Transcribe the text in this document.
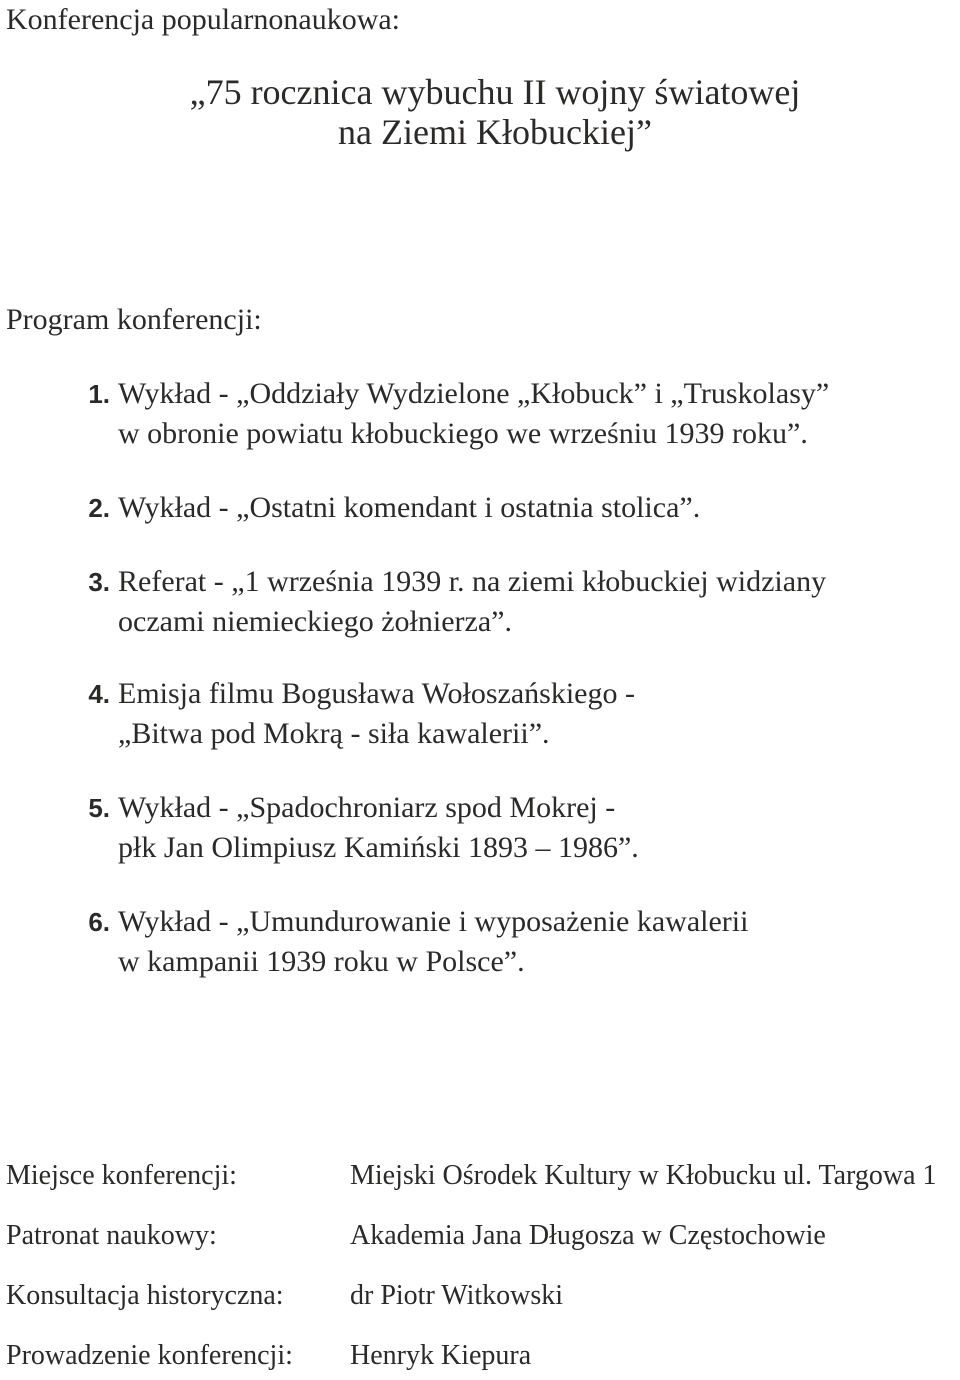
Konferencja popularnonaukowa:
„75 rocznica wybuchu II wojny światowej
na Ziemi Kłobuckiej”
Program konferencji:
1. Wykład - „Oddziały Wydzielone „Kłobuck” i „Truskolasy”
w obronie powiatu kłobuckiego we wrześniu 1939 roku”.
2. Wykład - „Ostatni komendant i ostatnia stolica”.
3. Referat - „1 września 1939 r. na ziemi kłobuckiej widziany
oczami niemieckiego żołnierza”.
4. Emisja filmu Bogusława Wołoszańskiego -
„Bitwa pod Mokrą - siła kawalerii”.
5. Wykład - „Spadochroniarz spod Mokrej -
płk Jan Olimpiusz Kamiński 1893 – 1986”.
6. Wykład - „Umundurowanie i wyposażenie kawalerii
w kampanii 1939 roku w Polsce”.
Miejsce konferencji:	Miejski Ośrodek Kultury w Kłobucku ul. Targowa 1
Patronat naukowy:	Akademia Jana Długosza w Częstochowie
Konsultacja historyczna: dr Piotr Witkowski
Prowadzenie konferencji: Henryk Kiepura
